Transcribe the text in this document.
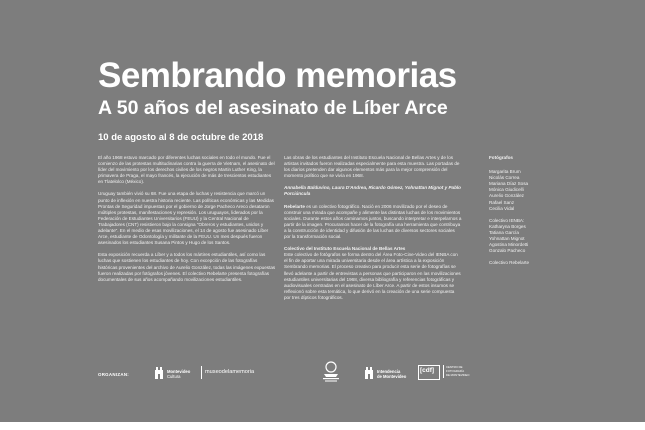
Sembrando memorias
A 50 años del asesinato de Líber Arce
10 de agosto al 8 de octubre de 2018

El año 1968 estuvo marcado por diferentes luchas sociales en todo el mundo. Fue el comienzo de las protestas multitudinarias contra la guerra de Vietnam, el asesinato del líder del movimiento por los derechos civiles de los negros Martin Luther King, la primavera de Praga, el mayo francés, la ejecución de más de trescientos estudiantes en Tlatelolco (México).

Uruguay también vivió su 68. Fue una etapa de luchas y resistencia que marcó un punto de inflexión en nuestra historia reciente. Las políticas económicas y las Medidas Prontas de Seguridad impuestas por el gobierno de Jorge Pacheco Areco desataron múltiples protestas, manifestaciones y represión. Los uruguayos, liderados por la Federación de Estudiantes Universitarios (FEUU) y la Central Nacional de Trabajadores (CNT) resistieron bajo la consigna "Obreros y estudiantes, unidos y adelante". En el medio de esas movilizaciones, el 14 de agosto fue asesinado Líber Arce, estudiante de Odontología y militante de la FEUU. Un mes después fueron asesinados los estudiantes Susana Pintos y Hugo de los Santos.

Esta exposición recuerda a Líber y a todos los mártires estudiantiles, así como las luchas que sostienen los estudiantes de hoy. Con excepción de las fotografías históricas provenientes del archivo de Aurelio González, todas las imágenes expuestas fueron realizadas por fotógrafos jóvenes. El colectivo Rebelarte presenta fotografías documentales de sus años acompañando movilizaciones estudiantiles.

Las obras de los estudiantes del Instituto Escuela Nacional de Bellas Artes y de los artistas invitados fueron realizadas especialmente para esta muestra. Las portadas de los diarios pretenden dar algunos elementos más para la mejor comprensión del momento político que se vivía en 1968.

Annabella Balduvino, Laura D'Andrea, Ricardo Gómez, Yohnattan Mignot y Pablo Porciúncula

Rebelarte es un colectivo fotográfico. Nació en 2006 movilizado por el deseo de construir una mirada que acompañe y alimente las distintas luchas de los movimientos sociales. Durante estos años caminamos juntos, buscando interpretar e interpelarnos a partir de la imagen. Procuramos hacer de la fotografía una herramienta que contribuya a la construcción de identidad y difusión de las luchas de diversos sectores sociales por la transformación social.

Colectivo del Instituto Escuela Nacional de Bellas Artes

Este colectivo de fotógrafos se forma dentro del Área Foto-Cine-Video del IENBA con el fin de aportar una mirada universitaria desde el área artística a la exposición Sembrando memorias. El proceso creativo para producir esta serie de fotografías se llevó adelante a partir de entrevistas a personas que participaron en las movilizaciones estudiantiles universitarias del 1968, diversa bibliografía y referencias fotográficas y audiovisuales centradas en el asesinato de Líber Arce. A partir de estos insumos se reflexionó sobre esta temática, lo que derivó en la creación de una serie compuesta por tres dípticos fotográficos.

Fotógrafos
Margarita Brum
Nicolás Correa
Mariana Díaz Sosa
Mónica Giudicelli
Aurelio González
Rafael Sanz
Cecilia Vidal
Colectivo IENBA:
Katharyna Borges
Tatiana García
Yohnattan Mignot
Agostina Minordetti
Gonzalo Pacheco
Colectivo Rebelarte
ORGANIZAN:
Montevideo
Cultura
museodelamemoria	Intendencia
de Montevideo
[cdf]	CENTRO DE
FOTOGRAFÍA
DE MONTEVIDEO
